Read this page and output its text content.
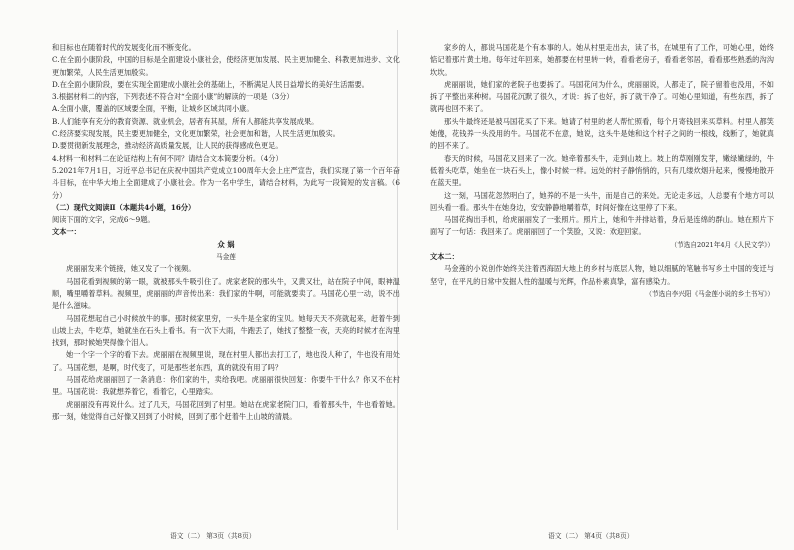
和目标也在随着时代的发展变化而不断变化。

C.在全面小康阶段，中国的目标是全面建设小康社会，使经济更加发展、民主更加健全、科教更加进步、文化更加繁荣，人民生活更加殷实。

D.在全面小康阶段，要在实现全面建成小康社会的基础上，不断满足人民日益增长的美好生活需要。

3.根据材料二的内容，下列表述不符合对“全面小康”的解读的一项是（3分）

A.全面小康，覆盖的区域要全面，平衡，让城乡区域共同小康。

B.人们能享有充分的教育资源、就业机会，居者有其屋，所有人都能共享发展成果。

C.经济要实现发展，民主要更加健全，文化更加繁荣，社会更加和谐，人民生活更加殷实。

D.要贯彻新发展理念，推动经济高质量发展，让人民的获得感成色更足。

4.材料一和材料二在论证结构上有何不同？请结合文本简要分析。（4分）

5.2021年7月1日，习近平总书记在庆祝中国共产党成立100周年大会上庄严宣告，我们实现了第一个百年奋斗目标，在中华大地上全面建成了小康社会。作为一名中学生，请结合材料，为此写一段简短的发言稿。（6分）

（二）现代文阅读Ⅱ（本题共4小题，16分）

阅读下面的文字，完成6～9题。

文本一：

众 娲

马金莲

虎丽丽发来个链接，她又发了一个视频。

马国花看到视频的第一眼，就被那头牛吸引住了。虎家老院的那头牛，又黄又壮，站在院子中间，眼神温顺，嘴里嚼着草料。视频里，虎丽丽的声音传出来：我们家的牛啊，可能就要卖了。马国花心里一动，说不出是什么滋味。

马国花想起自己小时候放牛的事。那时候家里穷，一头牛是全家的宝贝。她每天天不亮就起来，赶着牛到山坡上去，牛吃草，她就坐在石头上看书。有一次下大雨，牛跑丢了，她找了整整一夜，天亮的时候才在沟里找到，那时候她哭得像个泪人。

她一个字一个字的看下去。虎丽丽在视频里说，现在村里人都出去打工了，地也没人种了，牛也没有用处了。马国花想，是啊，时代变了，可是那些老东西，真的就没有用了吗？

马国花给虎丽丽回了一条消息：你们家的牛，卖给我吧。虎丽丽很快回复：你要牛干什么？你又不在村里。马国花说：我就想养着它，看着它，心里踏实。

虎丽丽没有再说什么。过了几天，马国花回到了村里。她站在虎家老院门口，看着那头牛，牛也看着她。那一刻，她觉得自己好像又回到了小时候，回到了那个赶着牛上山坡的清晨。

家乡的人，都说马国花是个有本事的人。她从村里走出去，读了书，在城里有了工作，可她心里，始终惦记着那片黄土地。每年过年回来，她都要在村里转一转，看看老房子，看看老邻居，看看那些熟悉的沟沟坎坎。

虎丽丽说，她们家的老院子也要拆了。马国花问为什么，虎丽丽说，人都走了，院子留着也没用，不如拆了平整出来种树。马国花沉默了很久，才说：拆了也好，拆了就干净了。可她心里知道，有些东西，拆了就再也回不来了。

那头牛最终还是被马国花买了下来。她请了村里的老人帮忙照看，每个月寄钱回来买草料。村里人都笑她傻，花钱养一头没用的牛。马国花不在意，她说，这头牛是她和这个村子之间的一根线，线断了，她就真的回不来了。

春天的时候，马国花又回来了一次。她牵着那头牛，走到山坡上。坡上的草刚刚发芽，嫩绿嫩绿的，牛低着头吃草，她坐在一块石头上，像小时候一样。远处的村子静悄悄的，只有几缕炊烟升起来，慢慢地散开在蓝天里。

这一刻，马国花忽然明白了，她养的不是一头牛，而是自己的来处。无论走多远，人总要有个地方可以回头看一看。那头牛在她身边，安安静静地嚼着草，时间好像在这里停了下来。

马国花掏出手机，给虎丽丽发了一张照片。照片上，她和牛并排站着，身后是连绵的群山。她在照片下面写了一句话：我回来了。虎丽丽回了一个笑脸，又说：欢迎回家。

（节选自2021年4月《人民文学》）

文本二：

马金莲的小说创作始终关注着西海固大地上的乡村与底层人物，她以细腻的笔触书写乡土中国的变迁与坚守，在平凡的日常中发掘人性的温暖与光辉，作品朴素真挚，富有感染力。

（节选自李兴阳《马金莲小说的乡土书写》）

语文（二） 第3页（共8页）	语文（二） 第4页（共8页）
